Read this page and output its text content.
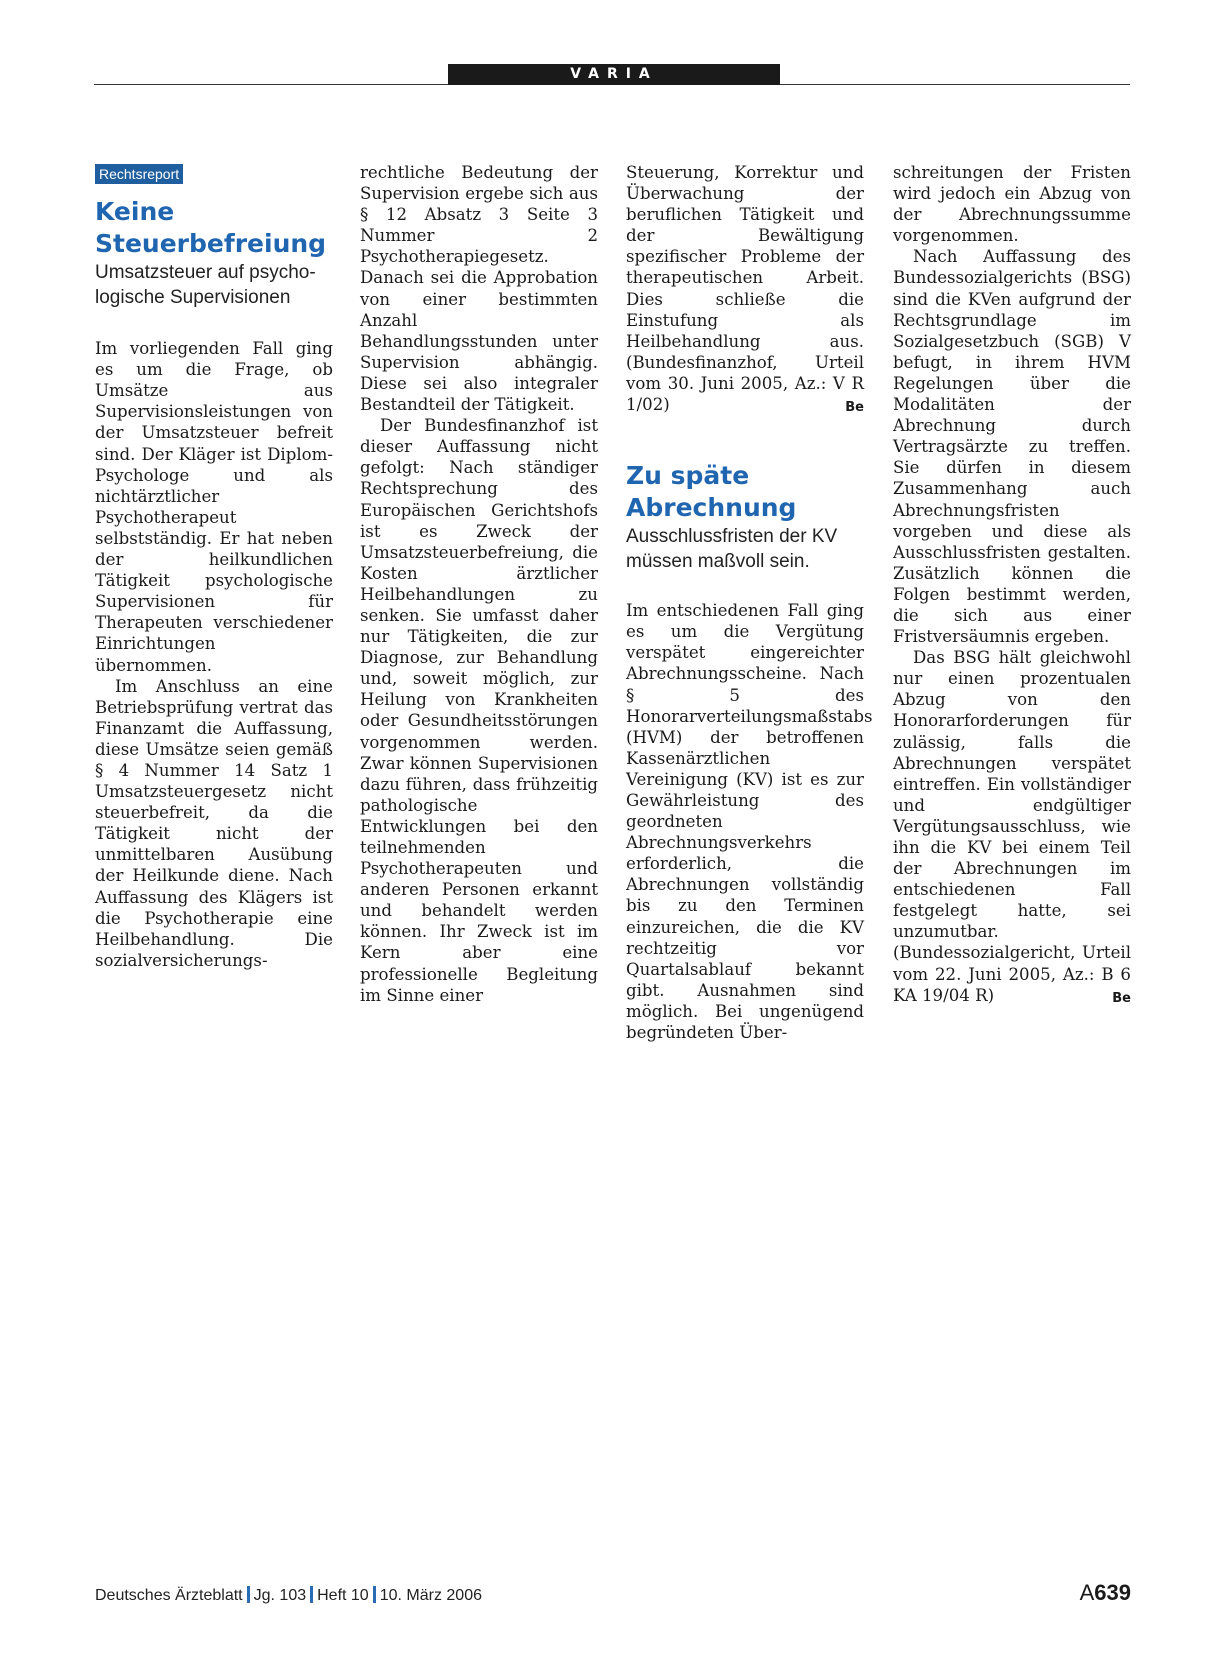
VARIA
Rechtsreport
Keine
Steuerbefreiung

Umsatzsteuer auf psycho-logische Supervisionen

Im vorliegenden Fall ging es um die Frage, ob Umsätze aus Supervisionsleistungen von der Umsatzsteuer befreit sind. Der Kläger ist Diplom-Psychologe und als nichtärztlicher Psychotherapeut selbstständig. Er hat neben der heilkundlichen Tätigkeit psychologische Supervisionen für Therapeuten verschiedener Einrichtungen übernommen.

Im Anschluss an eine Betriebsprüfung vertrat das Finanzamt die Auffassung, diese Umsätze seien gemäß § 4 Nummer 14 Satz 1 Umsatzsteuergesetz nicht steuerbefreit, da die Tätigkeit nicht der unmittelbaren Ausübung der Heilkunde diene. Nach Auffassung des Klägers ist die Psychotherapie eine Heilbehandlung. Die sozialversicherungs-

rechtliche Bedeutung der Supervision ergebe sich aus § 12 Absatz 3 Seite 3 Nummer 2 Psychotherapiegesetz. Danach sei die Approbation von einer bestimmten Anzahl Behandlungsstunden unter Supervision abhängig. Diese sei also integraler Bestandteil der Tätigkeit.

Der Bundesfinanzhof ist dieser Auffassung nicht gefolgt: Nach ständiger Rechtsprechung des Europäischen Gerichtshofs ist es Zweck der Umsatzsteuerbefreiung, die Kosten ärztlicher Heilbehandlungen zu senken. Sie umfasst daher nur Tätigkeiten, die zur Diagnose, zur Behandlung und, soweit möglich, zur Heilung von Krankheiten oder Gesundheitsstörungen vorgenommen werden. Zwar können Supervisionen dazu führen, dass frühzeitig pathologische Entwicklungen bei den teilnehmenden Psychotherapeuten und anderen Personen erkannt und behandelt werden können. Ihr Zweck ist im Kern aber eine professionelle Begleitung im Sinne einer

Steuerung, Korrektur und Überwachung der beruflichen Tätigkeit und der Bewältigung spezifischer Probleme der therapeutischen Arbeit. Dies schließe die Einstufung als Heilbehandlung aus. (Bundesfinanzhof, Urteil vom 30. Juni 2005, Az.: V R 1/02)	Be

Zu späte Abrechnung

Ausschlussfristen der KV müssen maßvoll sein.

Im entschiedenen Fall ging es um die Vergütung verspätet eingereichter Abrechnungsscheine. Nach § 5 des Honorarverteilungsmaßstabs (HVM) der betroffenen Kassenärztlichen Vereinigung (KV) ist es zur Gewährleistung des geordneten Abrechnungsverkehrs erforderlich, die Abrechnungen vollständig bis zu den Terminen einzureichen, die die KV rechtzeitig vor Quartalsablauf bekannt gibt. Ausnahmen sind möglich. Bei ungenügend begründeten Über-

schreitungen der Fristen wird jedoch ein Abzug von der Abrechnungssumme vorgenommen.

Nach Auffassung des Bundessozialgerichts (BSG) sind die KVen aufgrund der Rechtsgrundlage im Sozialgesetzbuch (SGB) V befugt, in ihrem HVM Regelungen über die Modalitäten der Abrechnung durch Vertragsärzte zu treffen. Sie dürfen in diesem Zusammenhang auch Abrechnungsfristen vorgeben und diese als Ausschlussfristen gestalten. Zusätzlich können die Folgen bestimmt werden, die sich aus einer Fristversäumnis ergeben.

Das BSG hält gleichwohl nur einen prozentualen Abzug von den Honorarforderungen für zulässig, falls die Abrechnungen verspätet eintreffen. Ein vollständiger und endgültiger Vergütungsausschluss, wie ihn die KV bei einem Teil der Abrechnungen im entschiedenen Fall festgelegt hatte, sei unzumutbar. (Bundessozialgericht, Urteil vom 22. Juni 2005, Az.: B 6 KA 19/04 R)	Be

Deutsches Ärzteblatt Jg. 103 Heft 10 10. März 2006	A639
